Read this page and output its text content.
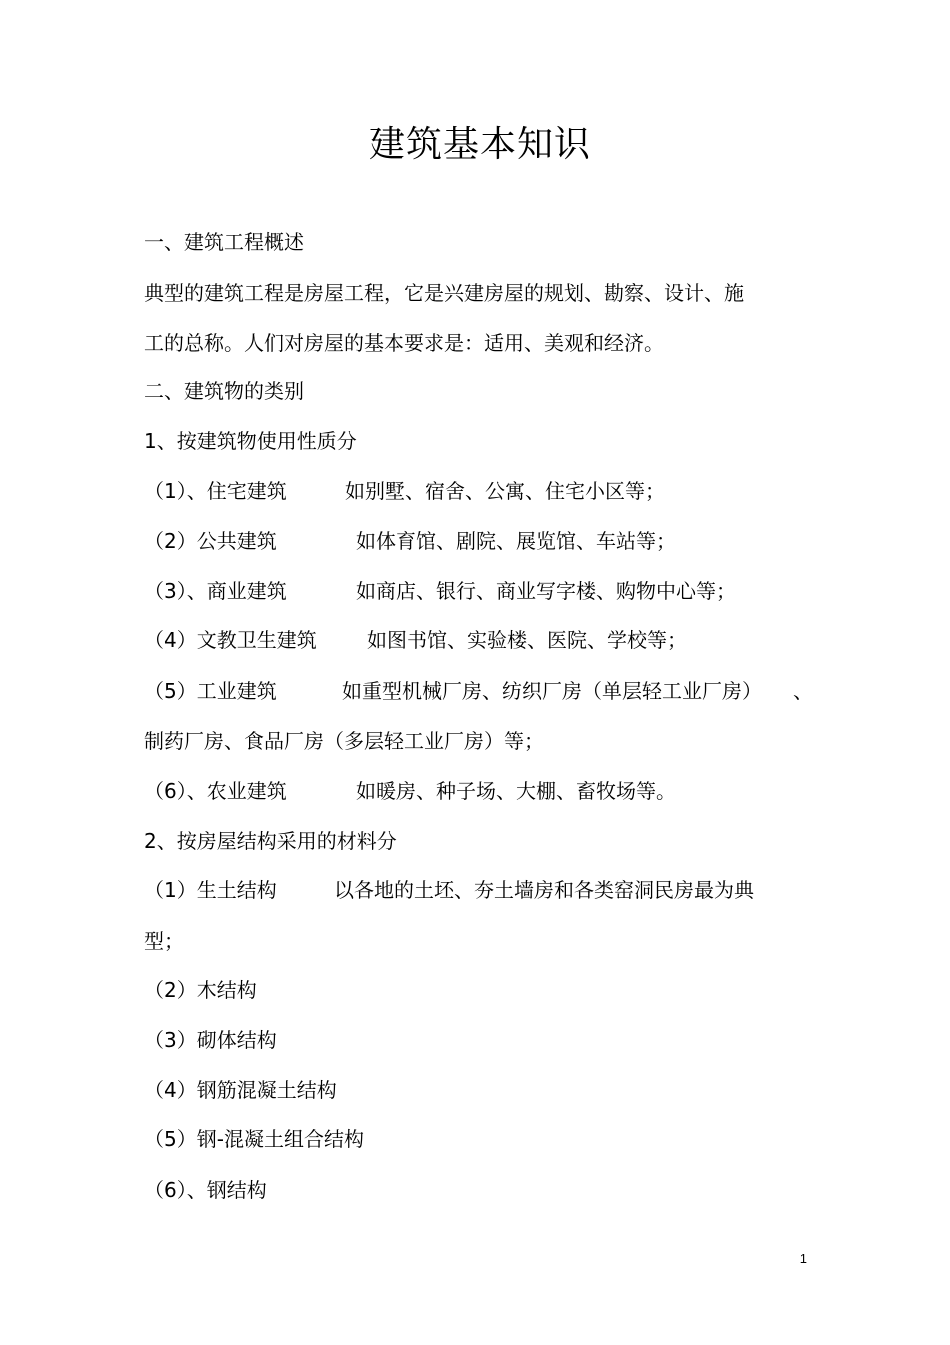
建筑基本知识
一、建筑工程概述
典型的建筑工程是房屋工程，它是兴建房屋的规划、勘察、设计、施
工的总称。人们对房屋的基本要求是：适用、美观和经济。
二、建筑物的类别
1、按建筑物使用性质分
（1）、住宅建筑	如别墅、宿舍、公寓、住宅小区等；
（2）公共建筑	如体育馆、剧院、展览馆、车站等；
（3）、商业建筑	如商店、银行、商业写字楼、购物中心等；
（4）文教卫生建筑	如图书馆、实验楼、医院、学校等；
（5）工业建筑	如重型机械厂房、纺织厂房（单层轻工业厂房） 、
制药厂房、食品厂房（多层轻工业厂房）等；
（6）、农业建筑	如暖房、种子场、大棚、畜牧场等。
2、按房屋结构采用的材料分
（1）生土结构	以各地的土坯、夯土墙房和各类窑洞民房最为典
型；
（2）木结构
（3）砌体结构
（4）钢筋混凝土结构
（5）钢-混凝土组合结构
（6）、钢结构
1
